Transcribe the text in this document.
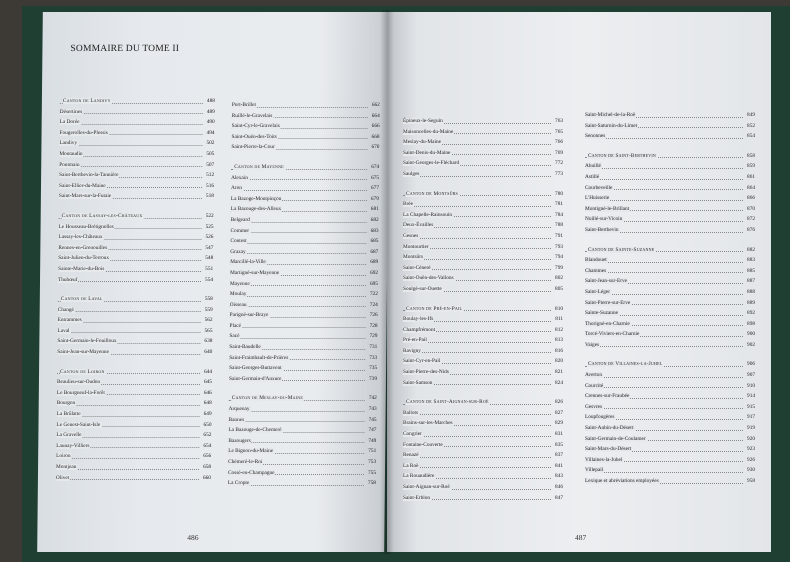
SOMMAIRE DU TOME II
Canton de Landivy	488
Désertines	489
La Dorée	490
Fougerolles-du-Plessis	494
Landivy	502
Montaudin	505
Pontmain	507
Saint-Berthevin-la-Tannière	512
Saint-Ellier-du-Maine	516
Saint-Mars-sur-la-Futaie	518
Canton de Lassay-les-Châteaux	522
Le Housseau-Brétignolles	525
Lassay-les-Châteaux	526
Rennes-en-Grenouilles	547
Saint-Julien-du-Terroux	548
Sainte-Marie-du-Bois	551
Thubœuf	554
Canton de Laval	558
Changé	559
Entrammes	562
Laval	565
Saint-Germain-le-Fouilloux	638
Saint-Jean-sur-Mayenne	640
Canton de Loiron	644
Beaulieu-sur-Oudon	645
Le Bourgneuf-la-Forêt	646
Bourgon	648
La Brûlatte	649
Le Genest-Saint-Isle	650
La Gravelle	652
Launay-Villiers	654
Loiron	656
Montjean	658
Olivet	660
Port-Brillet	662
Ruillé-le-Gravelais	664
Saint-Cyr-le-Gravelais	666
Saint-Ouën-des-Toits	668
Saint-Pierre-la-Cour	670
Canton de Mayenne	674
Alexain	675
Aron	677
La Bazoge-Montpinçon	679
La Bazouge-des-Alleux	681
Belgeard	682
Commer	683
Contest	685
Grazay	687
Marcillé-la-Ville	689
Martigné-sur-Mayenne	692
Mayenne	695
Moulay	722
Oisseau	724
Parigné-sur-Braye	726
Placé	728
Sacé	729
Saint-Baudelle	731
Saint-Fraimbault-de-Prières	733
Saint-Georges-Buttavent	735
Saint-Germain-d'Anxure	739
Canton de Meslay-du-Maine	742
Arquenay	743
Bannes	745
La Bazouge-de-Chemeré	747
Bazougers	749
Le Bignon-du-Maine	751
Chémeré-le-Roi	753
Cossé-en-Champagne	755
La Cropte	758
486
Épineux-le-Seguin	763
Maisoncelles-du-Maine	765
Meslay-du-Maine	766
Saint-Denis-du-Maine	769
Saint-Georges-le-Fléchard	772
Saulges	773
Canton de Montsûrs	780
Brée	781
La Chapelle-Rainsouin	784
Deux-Évailles	788
Gesnes	791
Montourtier	793
Montsûrs	794
Saint-Céneré	799
Saint-Ouën-des-Vallons	802
Soulgé-sur-Ouette	805
Canton de Pré-en-Pail	810
Boulay-les-Ifs	811
Champfrémont	812
Pré-en-Pail	813
Ravigny	816
Saint-Cyr-en-Pail	820
Saint-Pierre-des-Nids	821
Saint-Samson	824
Canton de Saint-Aignan-sur-Roë	826
Ballots	827
Brains-sur-les-Marches	829
Congrier	831
Fontaine-Couverte	835
Renazé	837
La Roë	841
La Rouaudière	843
Saint-Aignan-sur-Roë	846
Saint-Erblon	847
Saint-Michel-de-la-Roë	849
Saint-Saturnin-du-Limet	852
Senonnes	854
Canton de Saint-Berthevin	858
Ahuillé	859
Astillé	861
Courbeveille	864
L'Huisserie	866
Montigné-le-Brillant	870
Nuillé-sur-Vicoin	872
Saint-Berthevin	876
Canton de Sainte-Suzanne	882
Blandouet	883
Chammes	885
Saint-Jean-sur-Erve	887
Saint-Léger	888
Saint-Pierre-sur-Erve	889
Sainte-Suzanne	892
Thorigné-en-Charnie	898
Torcé-Viviers-en-Charnie	900
Vaiges	902
Canton de Villaines-la-Juhel	906
Averton	907
Courcité	910
Crennes-sur-Fraubée	914
Gesvres	915
Loupfougères	917
Saint-Aubin-du-Désert	919
Saint-Germain-de-Coulamer	920
Saint-Mars-du-Désert	923
Villaines-la-Juhel	926
Villepail	930
Lexique et abréviations employées	958
487
